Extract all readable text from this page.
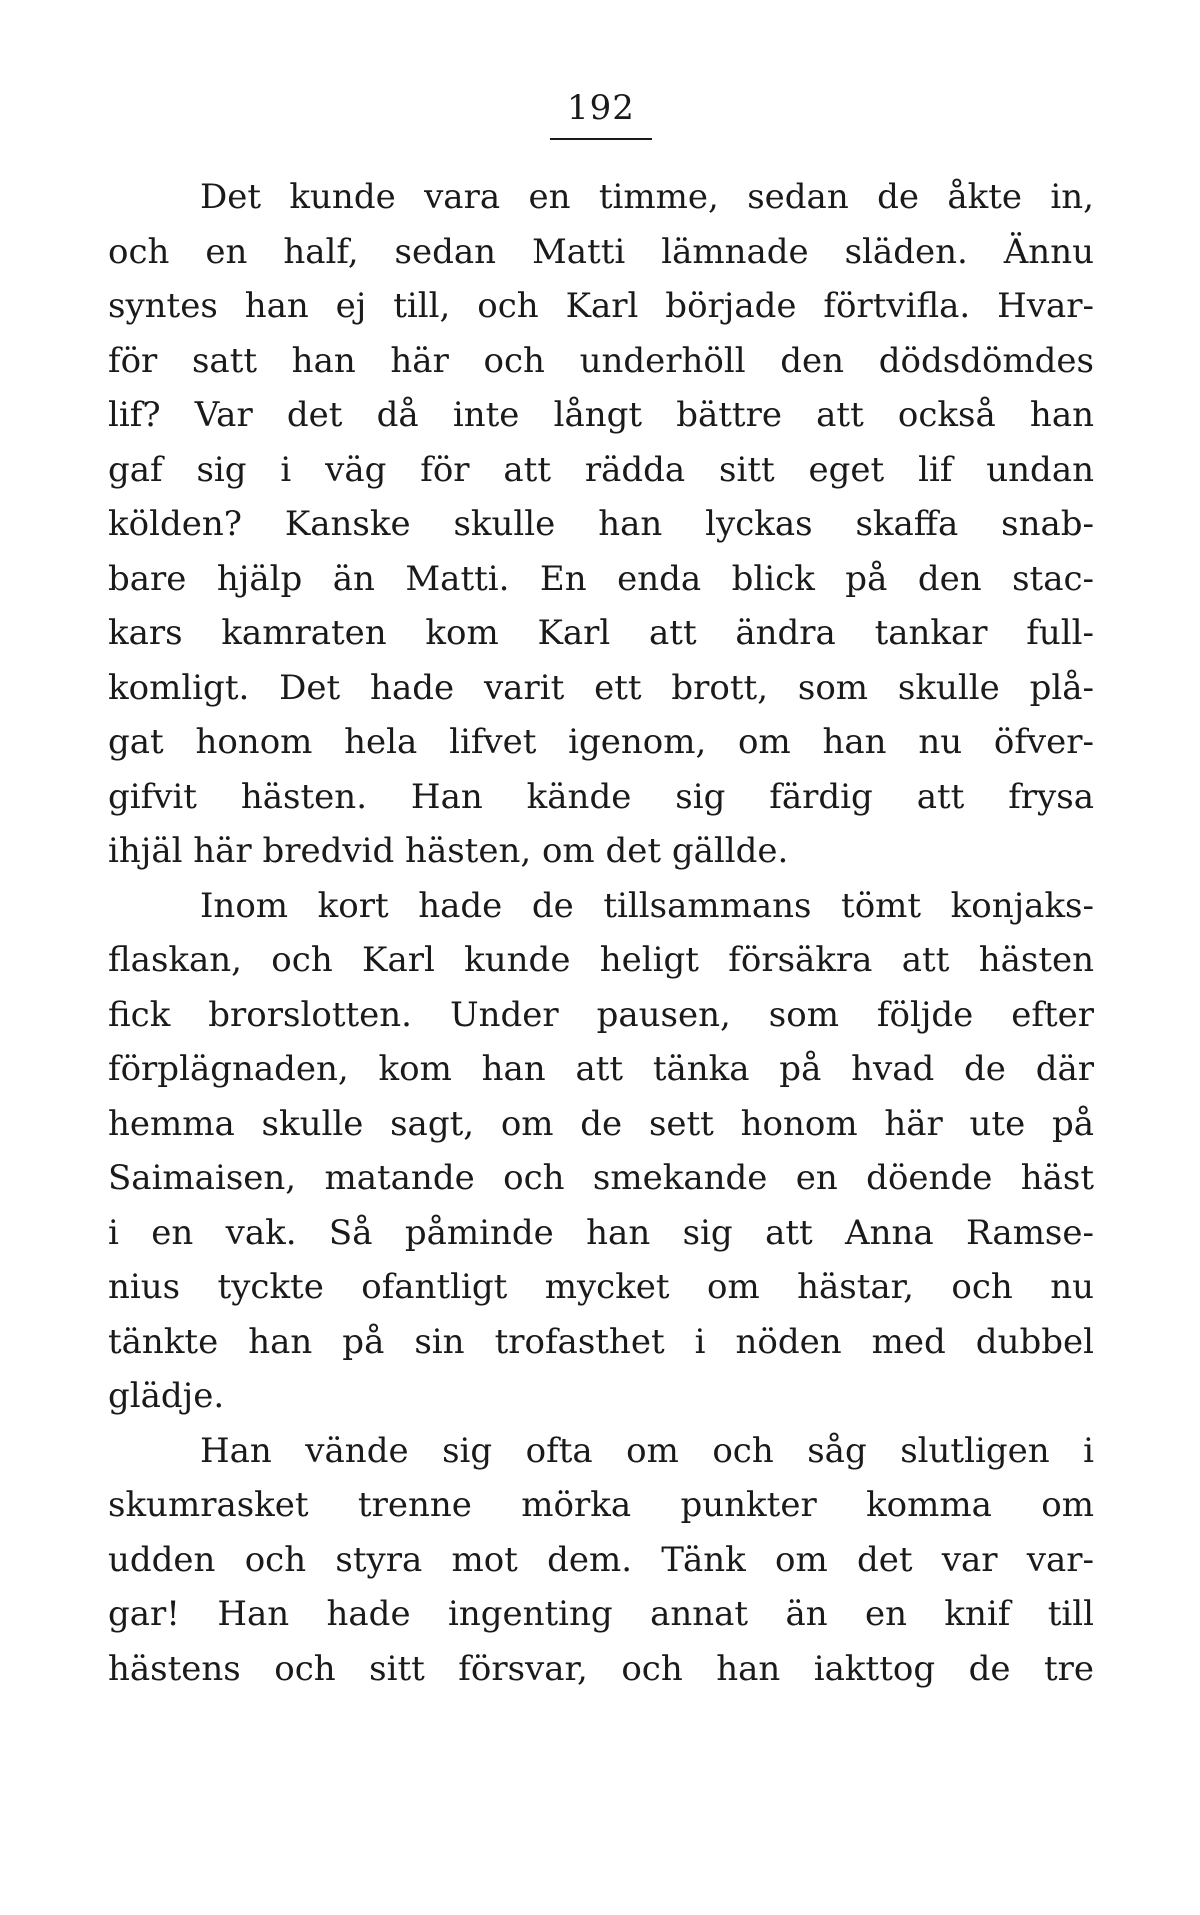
192
Det kunde vara en timme, sedan de åkte in,
och en half, sedan Matti lämnade släden. Ännu
syntes han ej till, och Karl började förtvifla. Hvar-
för satt han här och underhöll den dödsdömdes
lif? Var det då inte långt bättre att också han
gaf sig i väg för att rädda sitt eget lif undan
kölden? Kanske skulle han lyckas skaffa snab-
bare hjälp än Matti. En enda blick på den stac-
kars kamraten kom Karl att ändra tankar full-
komligt. Det hade varit ett brott, som skulle plå-
gat honom hela lifvet igenom, om han nu öfver-
gifvit hästen. Han kände sig färdig att frysa
ihjäl här bredvid hästen, om det gällde.
Inom kort hade de tillsammans tömt konjaks-
flaskan, och Karl kunde heligt försäkra att hästen
fick brorslotten. Under pausen, som följde efter
förplägnaden, kom han att tänka på hvad de där
hemma skulle sagt, om de sett honom här ute på
Saimaisen, matande och smekande en döende häst
i en vak. Så påminde han sig att Anna Ramse-
nius tyckte ofantligt mycket om hästar, och nu
tänkte han på sin trofasthet i nöden med dubbel
glädje.
Han vände sig ofta om och såg slutligen i
skumrasket trenne mörka punkter komma om
udden och styra mot dem. Tänk om det var var-
gar! Han hade ingenting annat än en knif till
hästens och sitt försvar, och han iakttog de tre
